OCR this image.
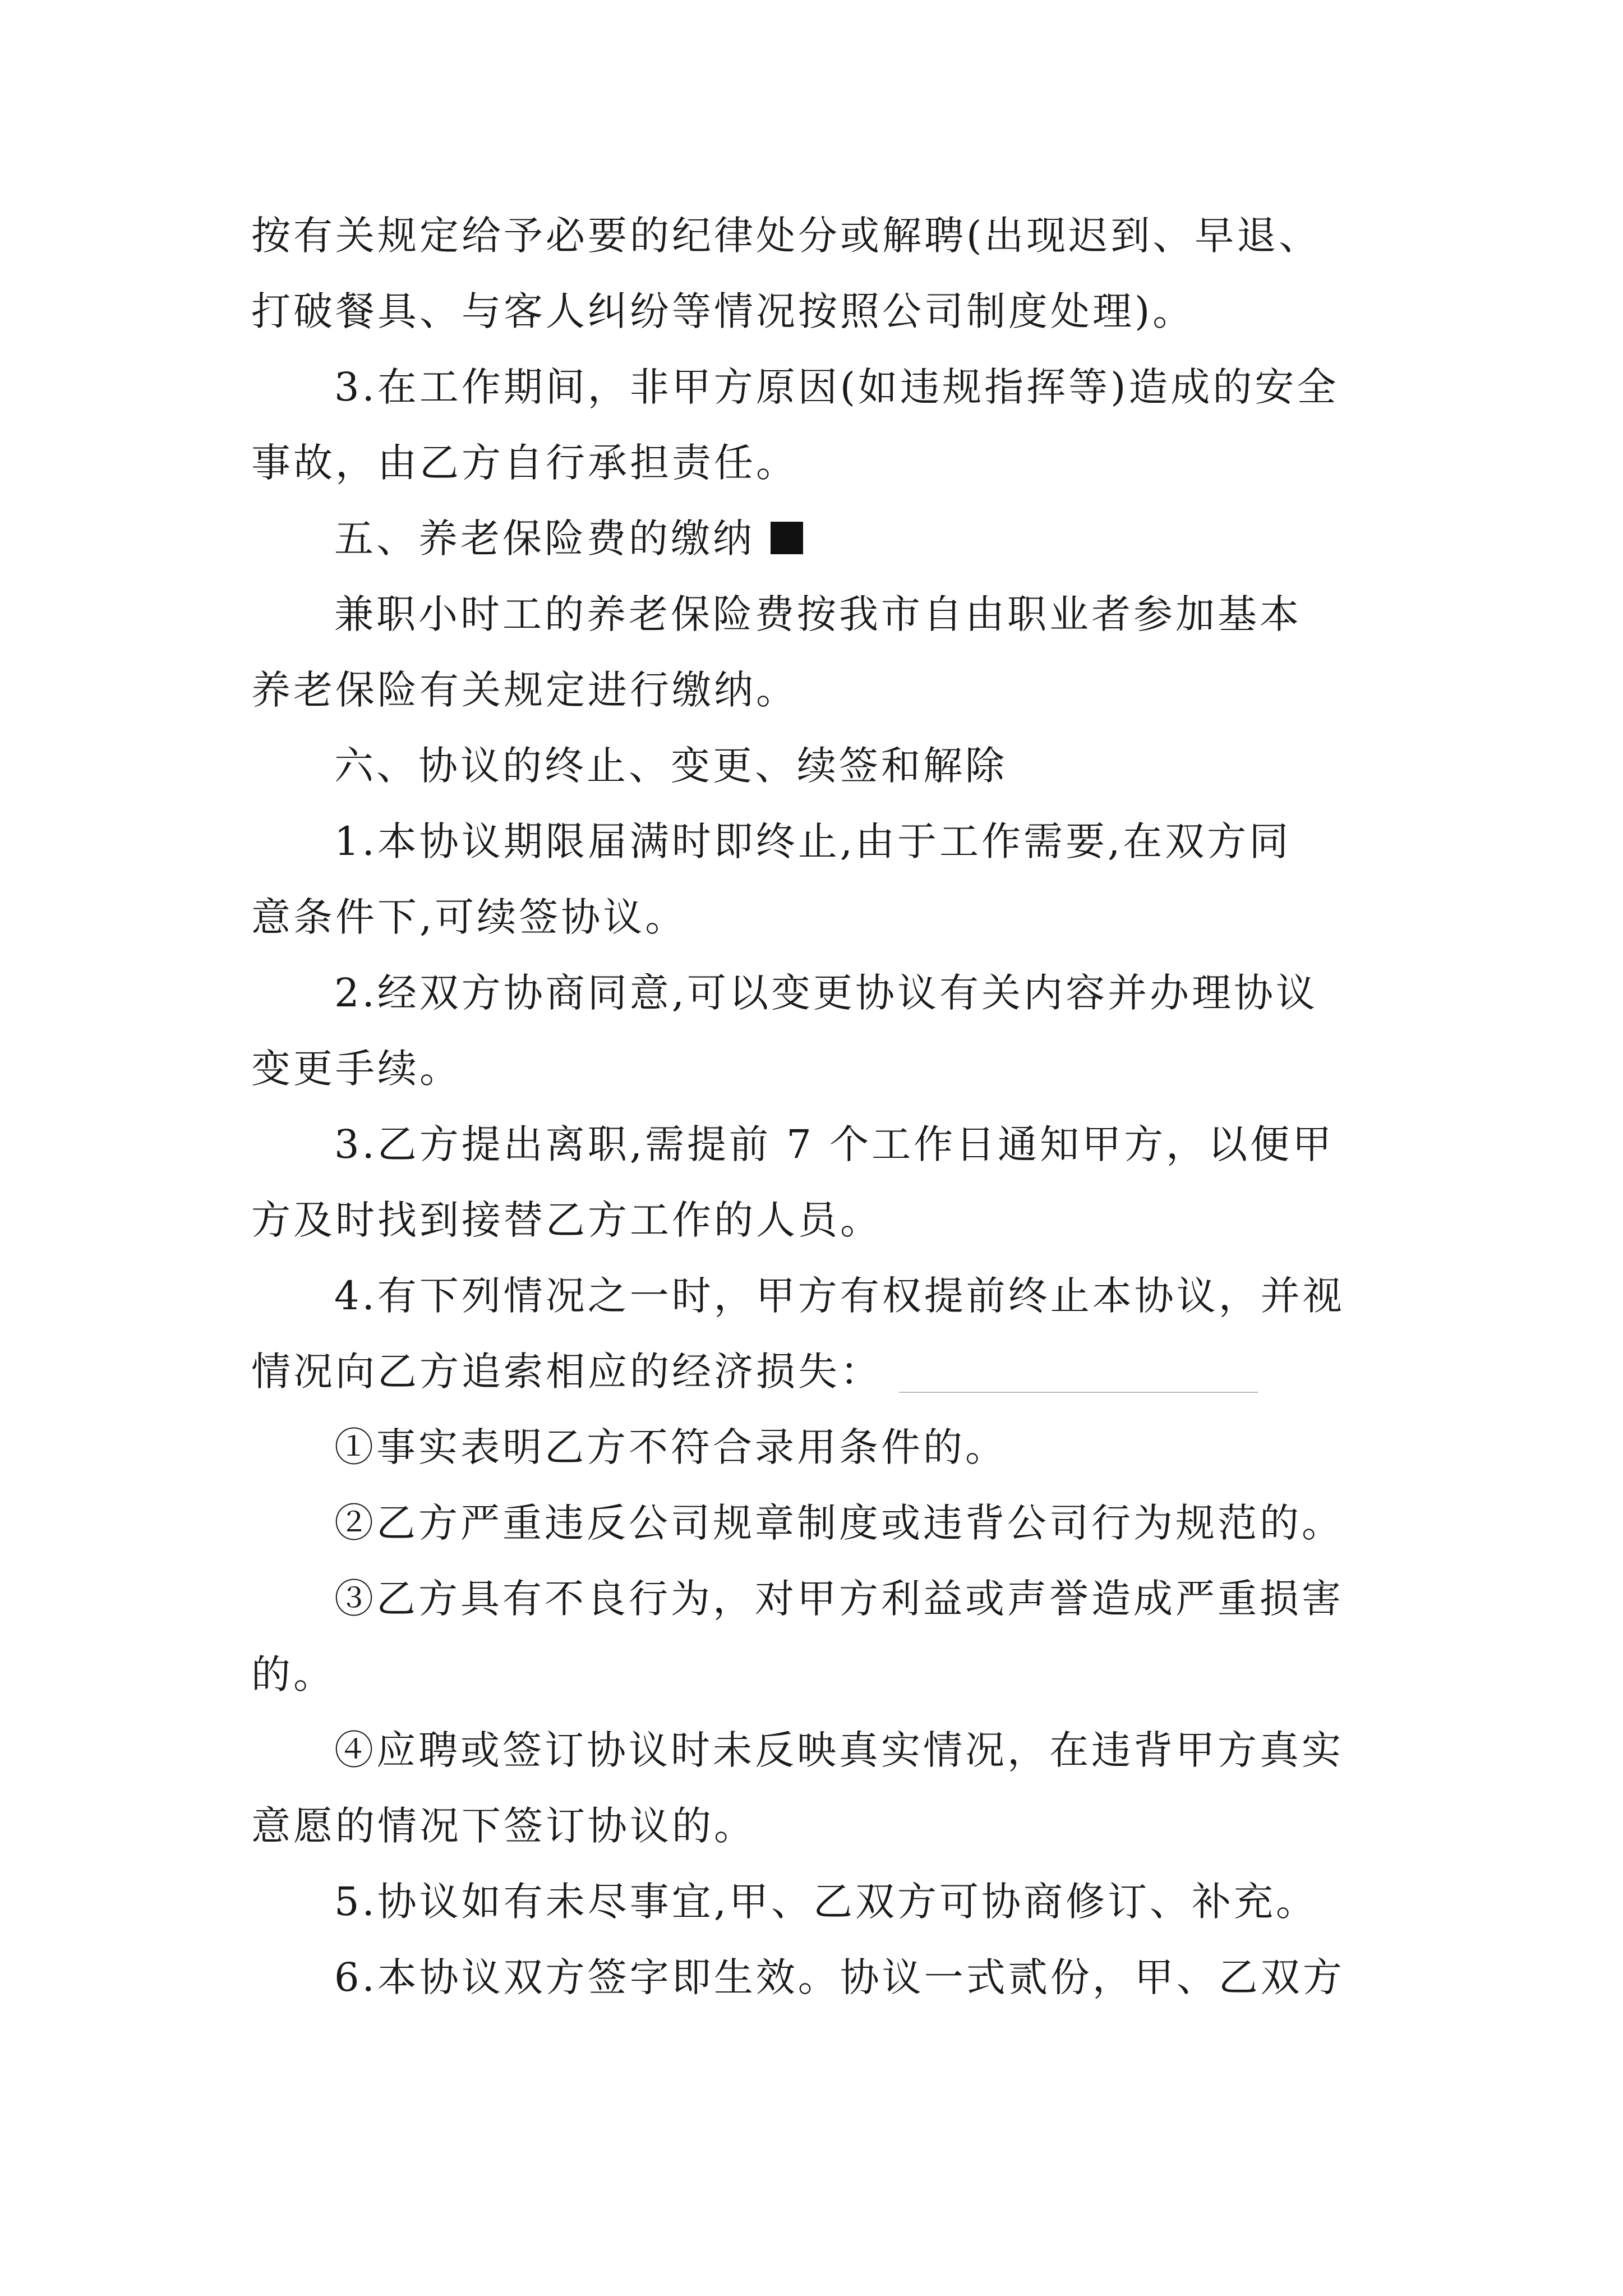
按有关规定给予必要的纪律处分或解聘(出现迟到、早退、
打破餐具、与客人纠纷等情况按照公司制度处理)。
3.在工作期间，非甲方原因(如违规指挥等)造成的安全
事故，由乙方自行承担责任。
五、养老保险费的缴纳
兼职小时工的养老保险费按我市自由职业者参加基本
养老保险有关规定进行缴纳。
六、协议的终止、变更、续签和解除
1.本协议期限届满时即终止,由于工作需要,在双方同
意条件下,可续签协议。
2.经双方协商同意,可以变更协议有关内容并办理协议
变更手续。
3.乙方提出离职,需提前 7 个工作日通知甲方，以便甲
方及时找到接替乙方工作的人员。
4.有下列情况之一时，甲方有权提前终止本协议，并视
情况向乙方追索相应的经济损失：
①事实表明乙方不符合录用条件的。
②乙方严重违反公司规章制度或违背公司行为规范的。
③乙方具有不良行为，对甲方利益或声誉造成严重损害
的。
④应聘或签订协议时未反映真实情况，在违背甲方真实
意愿的情况下签订协议的。
5.协议如有未尽事宜,甲、乙双方可协商修订、补充。
6.本协议双方签字即生效。协议一式贰份，甲、乙双方
